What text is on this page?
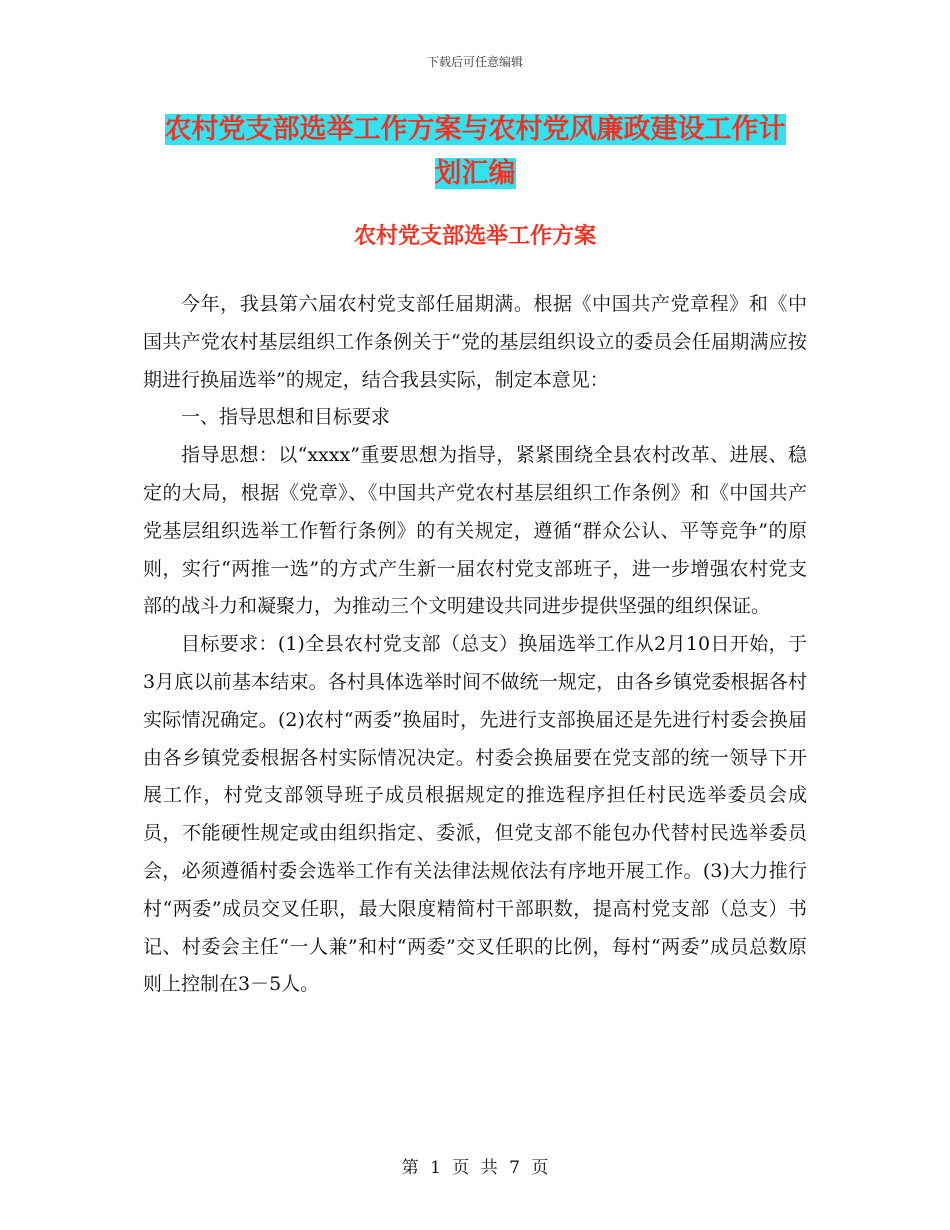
下载后可任意编辑
农村党支部选举工作方案与农村党风廉政建设工作计
划汇编
农村党支部选举工作方案

今年，我县第六届农村党支部任届期满。根据《中国共产党章程》和《中国共产党农村基层组织工作条例关于“党的基层组织设立的委员会任届期满应按期进行换届选举”的规定，结合我县实际，制定本意见：

一、指导思想和目标要求

指导思想：以“xxxx”重要思想为指导，紧紧围绕全县农村改革、进展、稳定的大局，根据《党章》、《中国共产党农村基层组织工作条例》和《中国共产党基层组织选举工作暂行条例》的有关规定，遵循“群众公认、平等竞争”的原则，实行“两推一选”的方式产生新一届农村党支部班子，进一步增强农村党支部的战斗力和凝聚力，为推动三个文明建设共同进步提供坚强的组织保证。

目标要求：(1)全县农村党支部（总支）换届选举工作从2月10日开始，于3月底以前基本结束。各村具体选举时间不做统一规定，由各乡镇党委根据各村实际情况确定。(2)农村“两委”换届时，先进行支部换届还是先进行村委会换届由各乡镇党委根据各村实际情况决定。村委会换届要在党支部的统一领导下开展工作，村党支部领导班子成员根据规定的推选程序担任村民选举委员会成员，不能硬性规定或由组织指定、委派，但党支部不能包办代替村民选举委员会，必须遵循村委会选举工作有关法律法规依法有序地开展工作。(3)大力推行村“两委”成员交叉任职，最大限度精简村干部职数，提高村党支部（总支）书记、村委会主任“一人兼”和村“两委”交叉任职的比例，每村“两委”成员总数原则上控制在3－5人。

第 1 页 共 7 页
